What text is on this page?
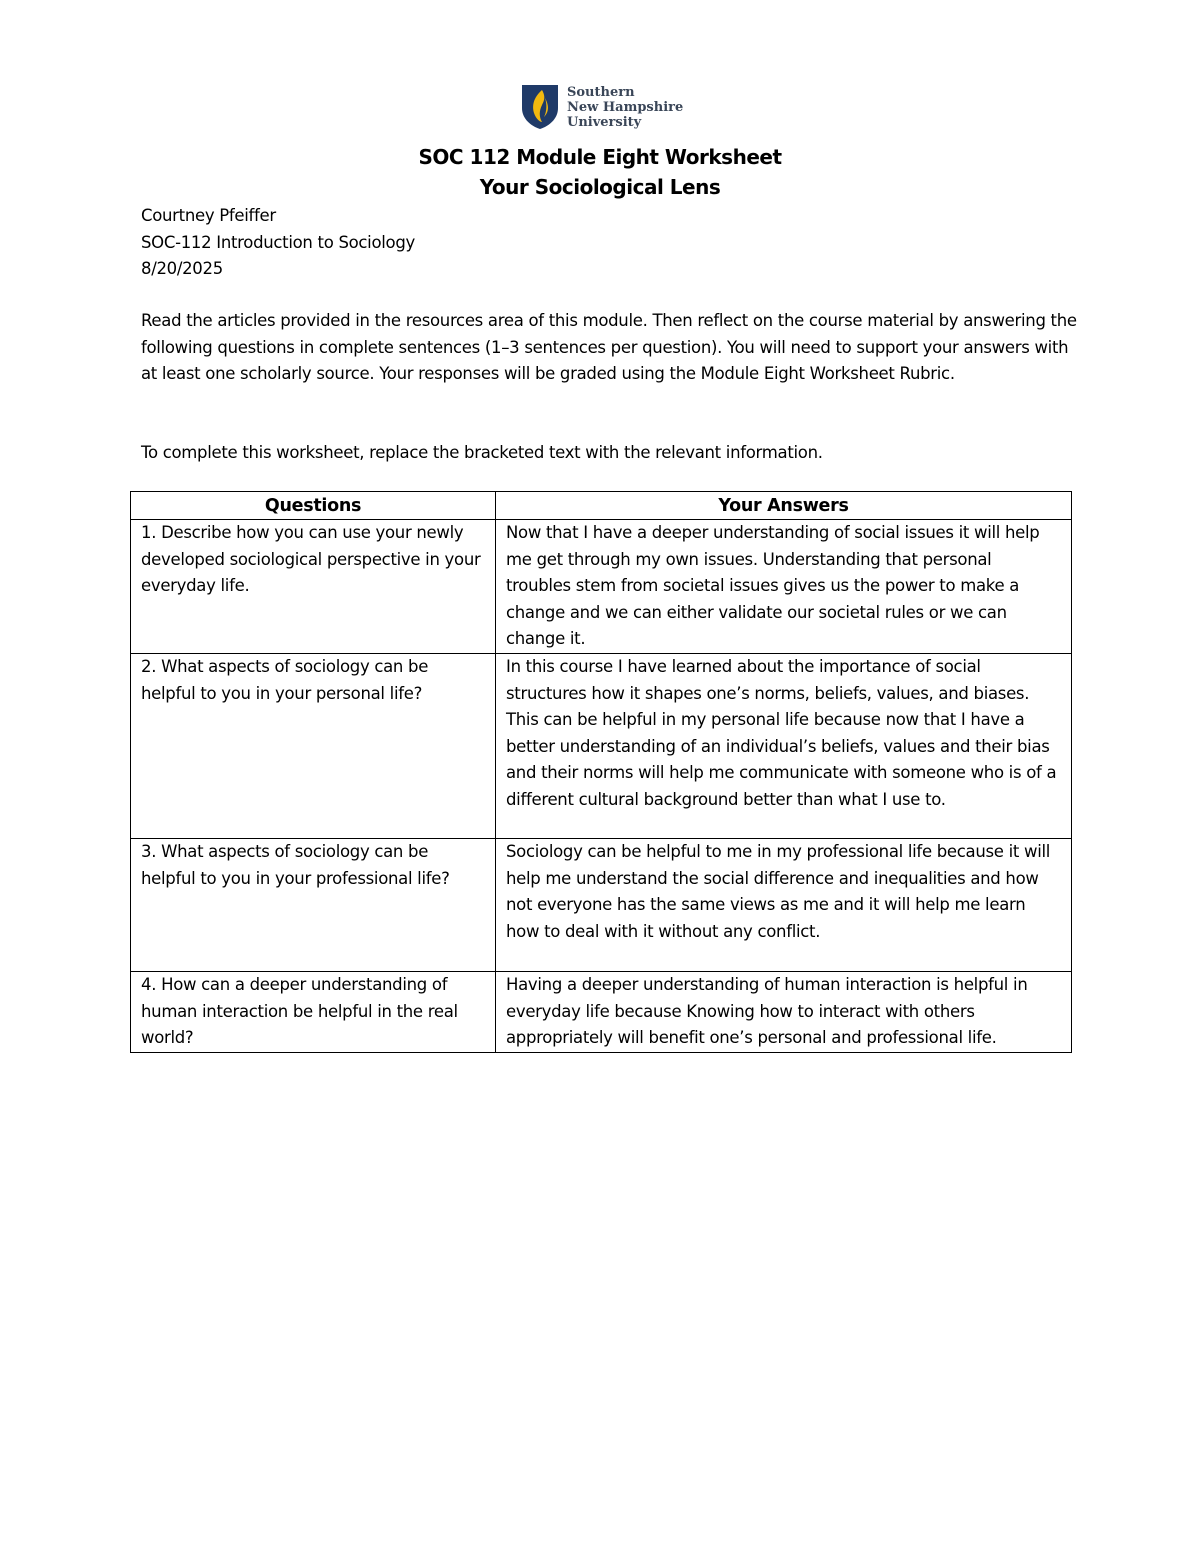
Southern
New Hampshire
University
SOC 112 Module Eight Worksheet
Your Sociological Lens
Courtney Pfeiffer
SOC-112 Introduction to Sociology
8/20/2025
Read the articles provided in the resources area of this module. Then reflect on the course material by answering the following questions in complete sentences (1–3 sentences per question). You will need to support your answers with at least one scholarly source. Your responses will be graded using the Module Eight Worksheet Rubric.
To complete this worksheet, replace the bracketed text with the relevant information.
Questions	Your Answers
1. Describe how you can use your newly developed sociological perspective in your everyday life.	Now that I have a deeper understanding of social issues it will help me get through my own issues. Understanding that personal troubles stem from societal issues gives us the power to make a change and we can either validate our societal rules or we can change it.
2. What aspects of sociology can be helpful to you in your personal life?	In this course I have learned about the importance of social structures how it shapes one’s norms, beliefs, values, and biases. This can be helpful in my personal life because now that I have a better understanding of an individual’s beliefs, values and their bias and their norms will help me communicate with someone who is of a different cultural background better than what I use to.
3. What aspects of sociology can be helpful to you in your professional life?	Sociology can be helpful to me in my professional life because it will help me understand the social difference and inequalities and how not everyone has the same views as me and it will help me learn how to deal with it without any conflict.
4. How can a deeper understanding of human interaction be helpful in the real world?	Having a deeper understanding of human interaction is helpful in everyday life because Knowing how to interact with others appropriately will benefit one’s personal and professional life.
